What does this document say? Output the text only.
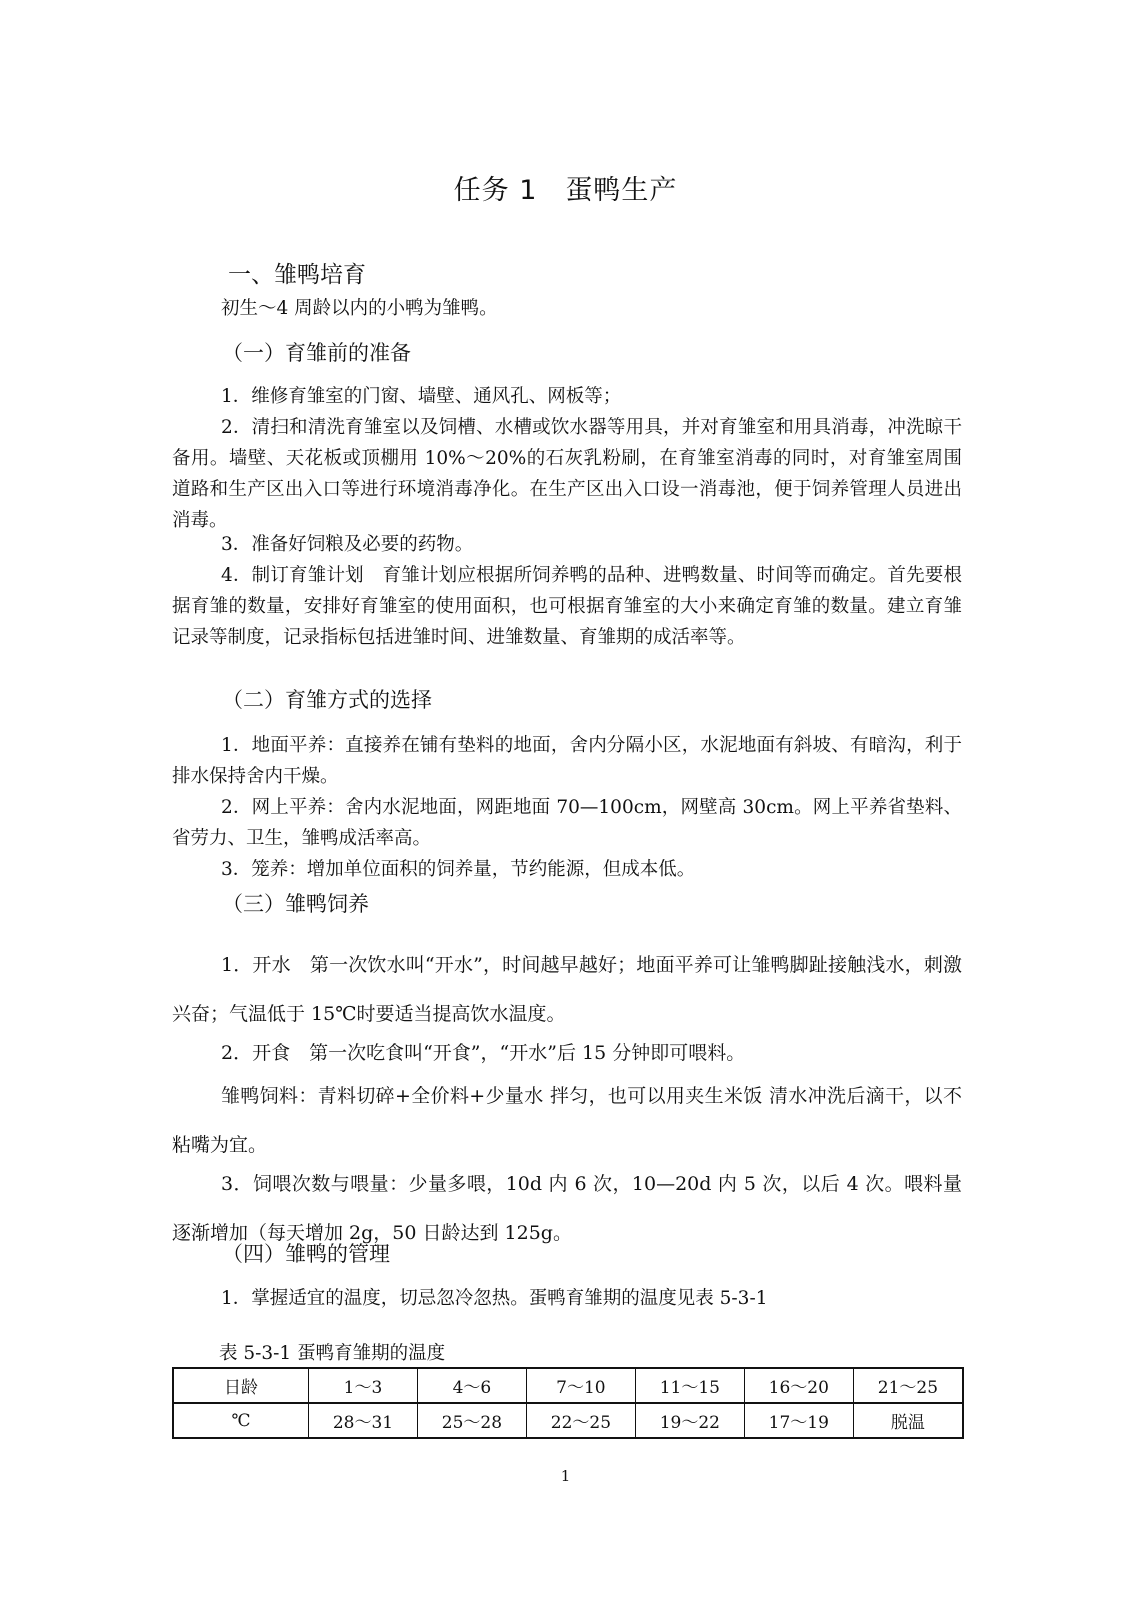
任务 1　蛋鸭生产
一、雏鸭培育
初生～4 周龄以内的小鸭为雏鸭。
（一）育雏前的准备
1．维修育雏室的门窗、墙壁、通风孔、网板等；
2．清扫和清洗育雏室以及饲槽、水槽或饮水器等用具，并对育雏室和用具消毒，冲洗晾干备用。墙壁、天花板或顶棚用 10%～20%的石灰乳粉刷，在育雏室消毒的同时，对育雏室周围道路和生产区出入口等进行环境消毒净化。在生产区出入口设一消毒池，便于饲养管理人员进出消毒。
3．准备好饲粮及必要的药物。
4．制订育雏计划　育雏计划应根据所饲养鸭的品种、进鸭数量、时间等而确定。首先要根据育雏的数量，安排好育雏室的使用面积，也可根据育雏室的大小来确定育雏的数量。建立育雏记录等制度，记录指标包括进雏时间、进雏数量、育雏期的成活率等。
（二）育雏方式的选择
1．地面平养：直接养在铺有垫料的地面，舍内分隔小区，水泥地面有斜坡、有暗沟，利于排水保持舍内干燥。
2．网上平养：舍内水泥地面，网距地面 70—100cm，网壁高 30cm。网上平养省垫料、省劳力、卫生，雏鸭成活率高。
3．笼养：增加单位面积的饲养量，节约能源，但成本低。
（三）雏鸭饲养
1．开水　第一次饮水叫“开水”，时间越早越好；地面平养可让雏鸭脚趾接触浅水，刺激兴奋；气温低于 15℃时要适当提高饮水温度。
2．开食　第一次吃食叫“开食”，“开水”后 15 分钟即可喂料。
雏鸭饲料：青料切碎+全价料+少量水 拌匀，也可以用夹生米饭 清水冲洗后滴干，以不粘嘴为宜。
3．饲喂次数与喂量：少量多喂，10d 内 6 次，10—20d 内 5 次，以后 4 次。喂料量逐渐增加（每天增加 2g，50 日龄达到 125g。
（四）雏鸭的管理
1．掌握适宜的温度，切忌忽冷忽热。蛋鸭育雏期的温度见表 5-3-1
表 5-3-1 蛋鸭育雏期的温度
日龄	1～3	4～6	7～10	11～15	16～20	21～25
℃	28～31	25～28	22～25	19～22	17～19	脱温
1
